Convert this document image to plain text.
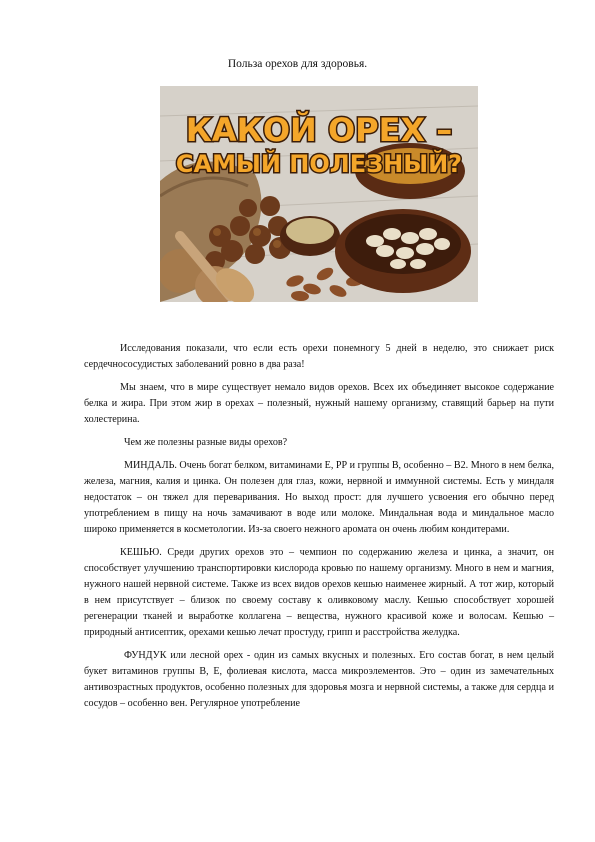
Польза орехов для здоровья.
КАКОЙ ОРЕХ –
САМЫЙ ПОЛЕЗНЫЙ?

Исследования показали, что если есть орехи понемногу 5 дней в неделю, это снижает риск сердечнососудистых заболеваний ровно в два раза!

Мы знаем, что в мире существует немало видов орехов. Всех их объединяет высокое содержание белка и жира. При этом жир в орехах – полезный, нужный нашему организму, ставящий барьер на пути холестерина.

Чем же полезны разные виды орехов?

МИНДАЛЬ. Очень богат белком, витаминами Е, РР и группы В, особенно – В2. Много в нем белка, железа, магния, калия и цинка. Он полезен для глаз, кожи, нервной и иммунной системы. Есть у миндаля недостаток – он тяжел для переваривания. Но выход прост: для лучшего усвоения его обычно перед употреблением в пищу на ночь замачивают в воде или молоке. Миндальная вода и миндальное масло широко применяется в косметологии. Из-за своего нежного аромата он очень любим кондитерами.

КЕШЬЮ. Среди других орехов это – чемпион по содержанию железа и цинка, а значит, он способствует улучшению транспортировки кислорода кровью по нашему организму. Много в нем и магния, нужного нашей нервной системе. Также из всех видов орехов кешью наименее жирный. А тот жир, который в нем присутствует – близок по своему составу к оливковому маслу. Кешью способствует хорошей регенерации тканей и выработке коллагена – вещества, нужного красивой коже и волосам. Кешью – природный антисептик, орехами кешью лечат простуду, грипп и расстройства желудка.

ФУНДУК или лесной орех - один из самых вкусных и полезных. Его состав богат, в нем целый букет витаминов группы В, Е, фолиевая кислота, масса микроэлементов. Это – один из замечательных антивозрастных продуктов, особенно полезных для здоровья мозга и нервной системы, а также для сердца и сосудов – особенно вен. Регулярное употребление
